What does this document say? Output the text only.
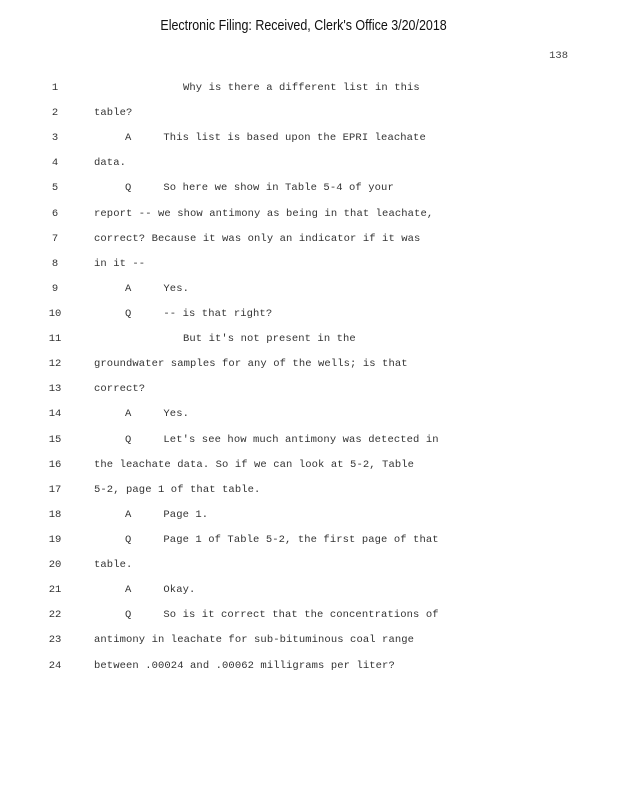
Electronic Filing: Received, Clerk's Office 3/20/2018
138
1	Why is there a different list in this
2	table?
3	A     This list is based upon the EPRI leachate
4	data.
5	Q     So here we show in Table 5-4 of your
6	report -- we show antimony as being in that leachate,
7	correct? Because it was only an indicator if it was
8	in it --
9	A     Yes.
10	Q     -- is that right?
11	But it's not present in the
12	groundwater samples for any of the wells; is that
13	correct?
14	A     Yes.
15	Q     Let's see how much antimony was detected in
16	the leachate data. So if we can look at 5-2, Table
17	5-2, page 1 of that table.
18	A     Page 1.
19	Q     Page 1 of Table 5-2, the first page of that
20	table.
21	A     Okay.
22	Q     So is it correct that the concentrations of
23	antimony in leachate for sub-bituminous coal range
24	between .00024 and .00062 milligrams per liter?
